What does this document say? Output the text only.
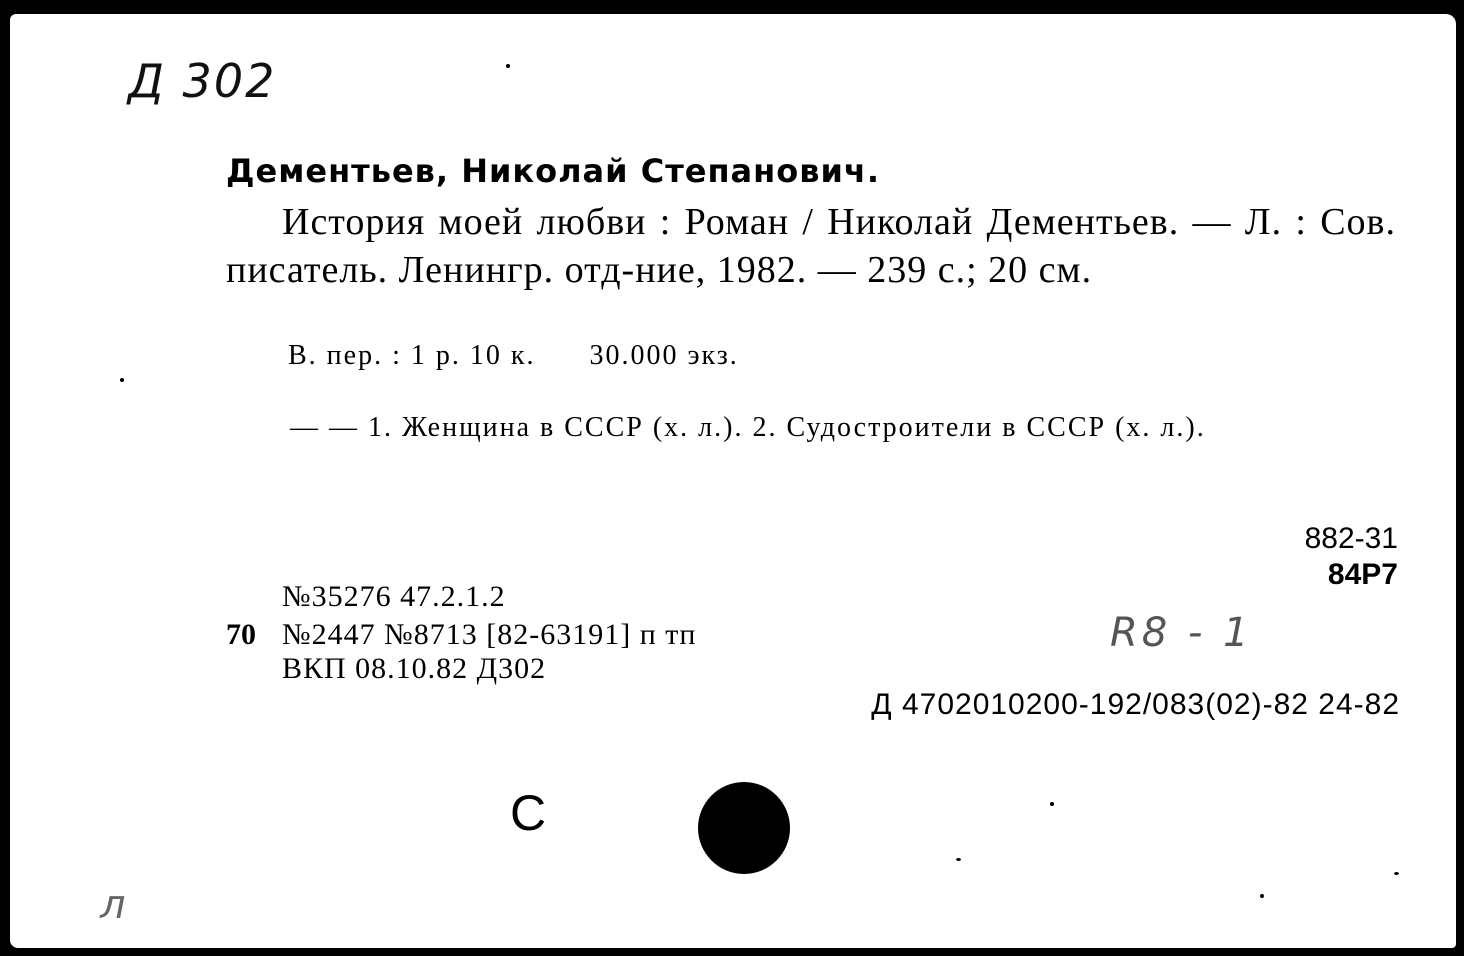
Д 302
Дементьев, Николай Степанович.
История моей любви : Роман / Николай Дементьев. — Л. : Сов. писатель. Ленингр. отд-ние, 1982. — 239 с.; 20 см.
В. пер. : 1 р. 10 к. 30.000 экз.
— — 1. Женщина в СССР (х. л.). 2. Судостроители в СССР (х. л.).
882-31
84Р7
№35276 47.2.1.2
70 №2447 №8713 [82-63191] п тп
ВКП 08.10.82 Д302
R8 - 1
Д 4702010200-192/083(02)-82 24-82
С
л
